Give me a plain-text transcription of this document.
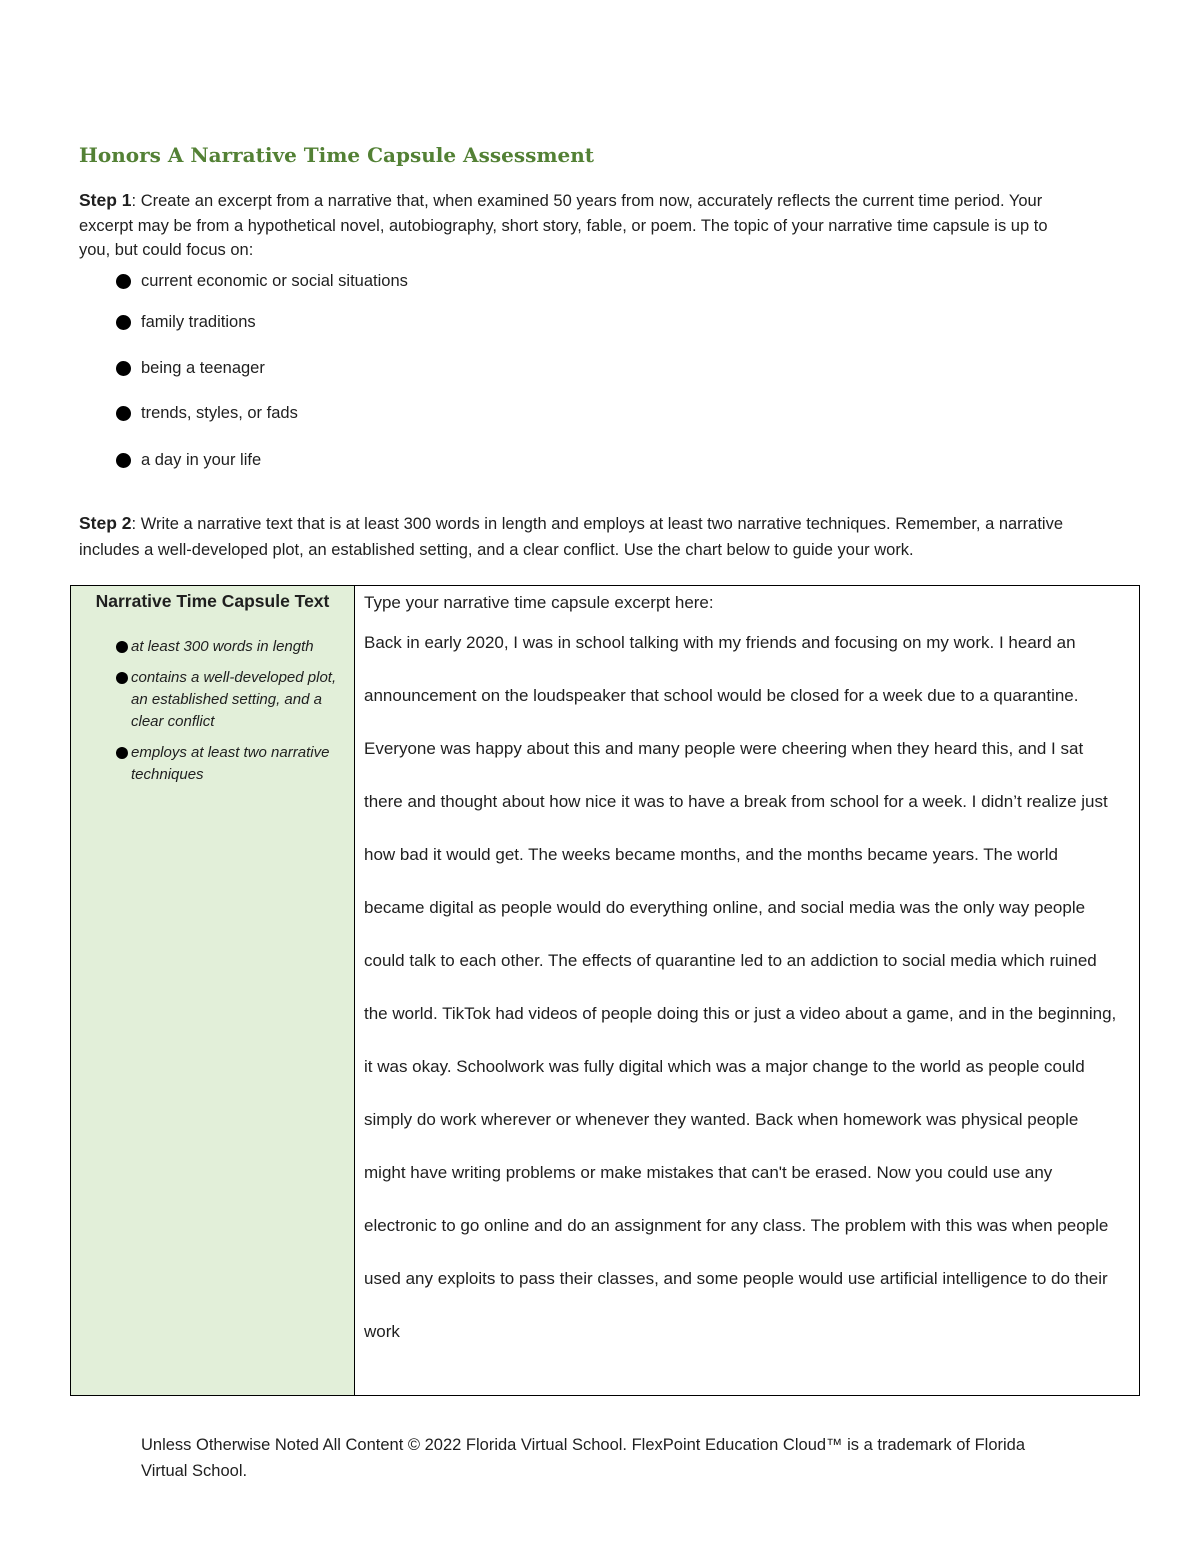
Honors A Narrative Time Capsule Assessment

Step 1: Create an excerpt from a narrative that, when examined 50 years from now, accurately reflects the current time period. Your excerpt may be from a hypothetical novel, autobiography, short story, fable, or poem. The topic of your narrative time capsule is up to you, but could focus on:

current economic or social situations
family traditions
being a teenager
trends, styles, or fads
a day in your life

Step 2: Write a narrative text that is at least 300 words in length and employs at least two narrative techniques. Remember, a narrative includes a well-developed plot, an established setting, and a clear conflict. Use the chart below to guide your work.

Narrative Time Capsule Text

at least 300 words in length
contains a well-developed plot, an established setting, and a clear conflict
employs at least two narrative techniques

Type your narrative time capsule excerpt here:

Back in early 2020, I was in school talking with my friends and focusing on my work. I heard an announcement on the loudspeaker that school would be closed for a week due to a quarantine. Everyone was happy about this and many people were cheering when they heard this, and I sat there and thought about how nice it was to have a break from school for a week. I didn’t realize just how bad it would get. The weeks became months, and the months became years. The world became digital as people would do everything online, and social media was the only way people could talk to each other. The effects of quarantine led to an addiction to social media which ruined the world. TikTok had videos of people doing this or just a video about a game, and in the beginning, it was okay. Schoolwork was fully digital which was a major change to the world as people could simply do work wherever or whenever they wanted. Back when homework was physical people might have writing problems or make mistakes that can't be erased. Now you could use any electronic to go online and do an assignment for any class. The problem with this was when people used any exploits to pass their classes, and some people would use artificial intelligence to do their work

Unless Otherwise Noted All Content © 2022 Florida Virtual School. FlexPoint Education Cloud™ is a trademark of Florida Virtual School.
